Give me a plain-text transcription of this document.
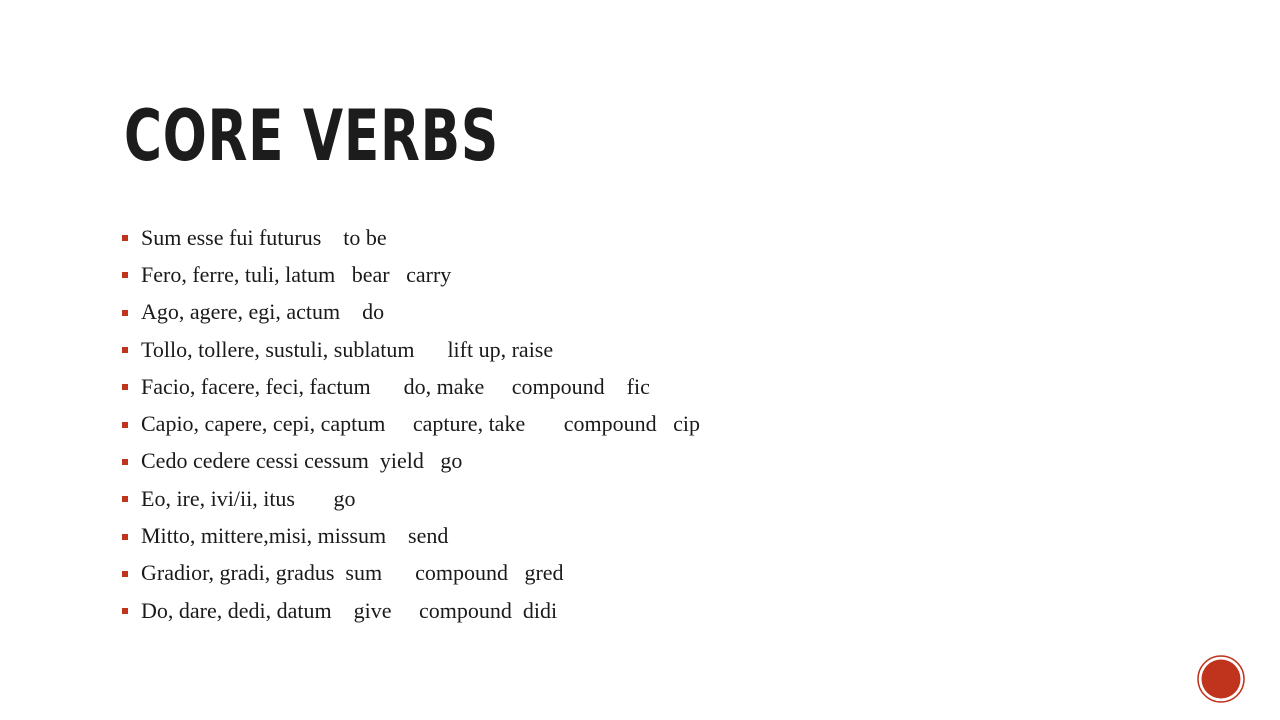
CORE VERBS
Sum esse fui futurus    to be
Fero, ferre, tuli, latum   bear   carry
Ago, agere, egi, actum    do
Tollo, tollere, sustuli, sublatum      lift up, raise
Facio, facere, feci, factum      do, make     compound    fic
Capio, capere, cepi, captum     capture, take       compound   cip
Cedo cedere cessi cessum  yield   go
Eo, ire, ivi/ii, itus       go
Mitto, mittere,misi, missum    send
Gradior, gradi, gradus  sum      compound   gred
Do, dare, dedi, datum    give     compound  didi
